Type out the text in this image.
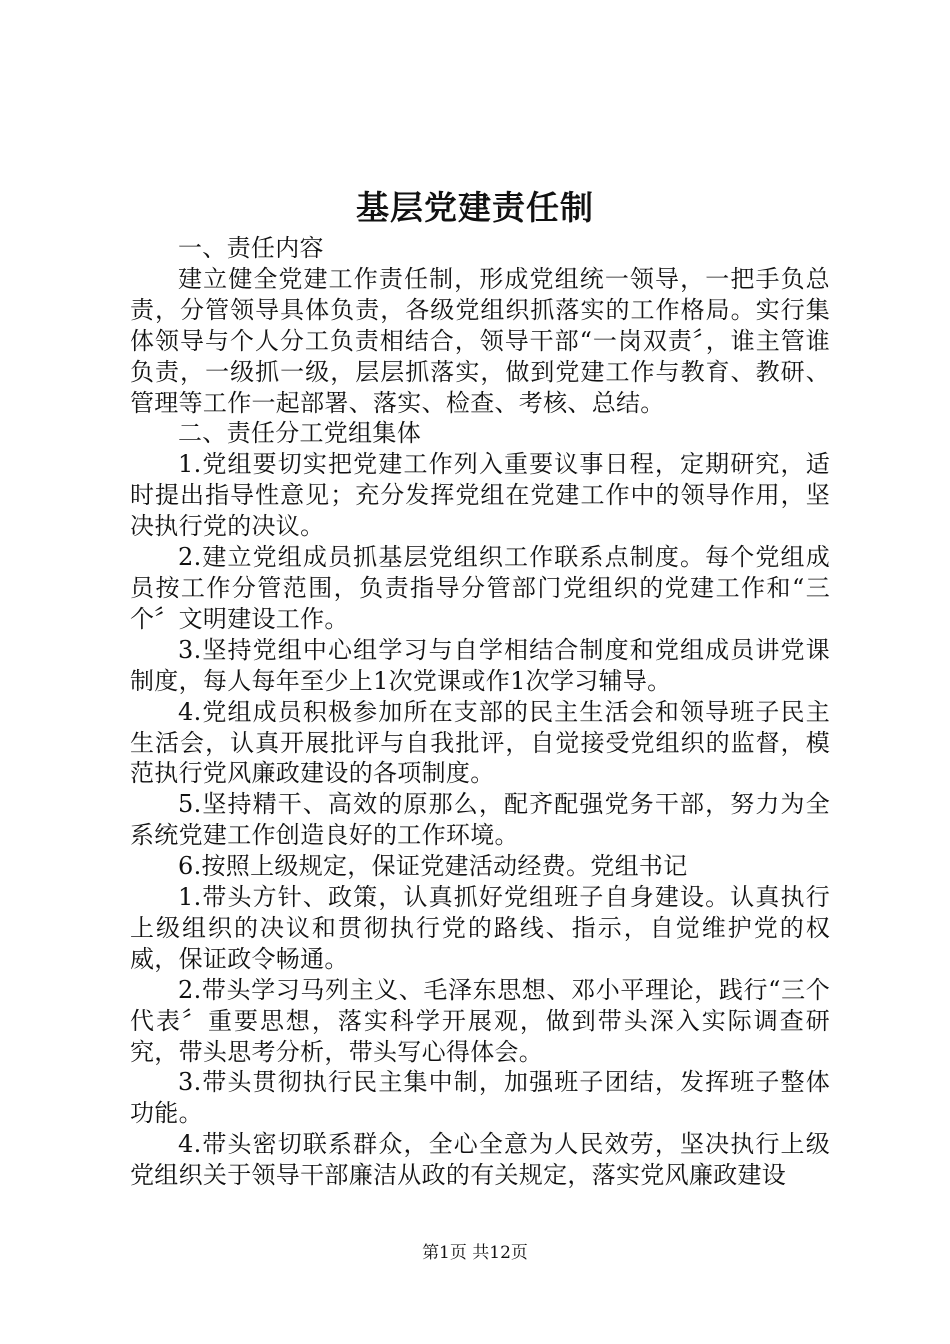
基层党建责任制

一、责任内容

建立健全党建工作责任制，形成党组统一领导，一把手负总责，分管领导具体负责，各级党组织抓落实的工作格局。实行集体领导与个人分工负责相结合，领导干部“一岗双责〞，谁主管谁负责，一级抓一级，层层抓落实，做到党建工作与教育、教研、管理等工作一起部署、落实、检查、考核、总结。

二、责任分工党组集体

1.党组要切实把党建工作列入重要议事日程，定期研究，适时提出指导性意见；充分发挥党组在党建工作中的领导作用，坚决执行党的决议。

2.建立党组成员抓基层党组织工作联系点制度。每个党组成员按工作分管范围，负责指导分管部门党组织的党建工作和“三个〞文明建设工作。

3.坚持党组中心组学习与自学相结合制度和党组成员讲党课制度，每人每年至少上1次党课或作1次学习辅导。

4.党组成员积极参加所在支部的民主生活会和领导班子民主生活会，认真开展批评与自我批评，自觉接受党组织的监督，模范执行党风廉政建设的各项制度。

5.坚持精干、高效的原那么，配齐配强党务干部，努力为全系统党建工作创造良好的工作环境。

6.按照上级规定，保证党建活动经费。党组书记

1.带头方针、政策，认真抓好党组班子自身建设。认真执行上级组织的决议和贯彻执行党的路线、指示，自觉维护党的权威，保证政令畅通。

2.带头学习马列主义、毛泽东思想、邓小平理论，践行“三个代表〞重要思想，落实科学开展观，做到带头深入实际调查研究，带头思考分析，带头写心得体会。

3.带头贯彻执行民主集中制，加强班子团结，发挥班子整体功能。

4.带头密切联系群众，全心全意为人民效劳，坚决执行上级党组织关于领导干部廉洁从政的有关规定，落实党风廉政建设

第1页 共12页
